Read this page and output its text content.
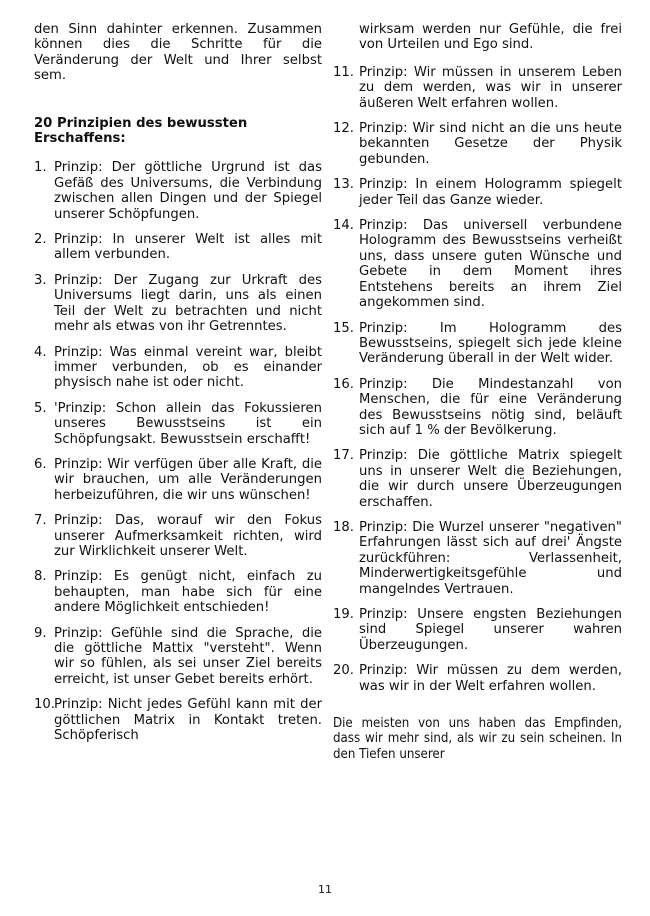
den Sinn dahinter erkennen. Zusammen können dies die Schritte für die Veränderung der Welt und Ihrer selbst sem.

20 Prinzipien des bewussten Erschaffens:

1. Prinzip: Der göttliche Urgrund ist das Gefäß des Universums, die Verbindung zwischen allen Dingen und der Spiegel unserer Schöpfungen.
2. Prinzip: In unserer Welt ist alles mit allem verbunden.
3. Prinzip: Der Zugang zur Urkraft des Universums liegt darin, uns als einen Teil der Welt zu betrachten und nicht mehr als etwas von ihr Getrenntes.
4. Prinzip: Was einmal vereint war, bleibt immer verbunden, ob es einander physisch nahe ist oder nicht.
5. 'Prinzip: Schon allein das Fokussieren unseres Bewusstseins ist ein Schöpfungsakt. Bewusstsein erschafft!
6. Prinzip: Wir verfügen über alle Kraft, die wir brauchen, um alle Veränderungen herbeizuführen, die wir uns wünschen!
7. Prinzip: Das, worauf wir den Fokus unserer Aufmerksamkeit richten, wird zur Wirklichkeit unserer Welt.
8. Prinzip: Es genügt nicht, einfach zu behaupten, man habe sich für eine andere Möglichkeit entschieden!
9. Prinzip: Gefühle sind die Sprache, die die göttliche Mattix "versteht". Wenn wir so fühlen, als sei unser Ziel bereits erreicht, ist unser Gebet bereits erhört.
10. Prinzip: Nicht jedes Gefühl kann mit der göttlichen Matrix in Kontakt treten. Schöpferisch

wirksam werden nur Gefühle, die frei von Urteilen und Ego sind.

11. Prinzip: Wir müssen in unserem Leben zu dem werden, was wir in unserer äußeren Welt erfahren wollen.
12. Prinzip: Wir sind nicht an die uns heute bekannten Gesetze der Physik gebunden.
13. Prinzip: In einem Hologramm spiegelt jeder Teil das Ganze wieder.
14. Prinzip: Das universell verbundene Hologramm des Bewusstseins verheißt uns, dass unsere guten Wünsche und Gebete in dem Moment ihres Entstehens bereits an ihrem Ziel angekommen sind.
15. Prinzip: Im Hologramm des Bewusstseins, spiegelt sich jede kleine Veränderung überall in der Welt wider.
16. Prinzip: Die Mindestanzahl von Menschen, die für eine Veränderung des Bewusstseins nötig sind, beläuft sich auf 1 % der Bevölkerung.
17. Prinzip: Die göttliche Matrix spiegelt uns in unserer Welt die Beziehungen, die wir durch unsere Überzeugungen erschaffen.
18. Prinzip: Die Wurzel unserer "negativen" Erfahrungen lässt sich auf drei' Ängste zurückführen: Verlassenheit, Minderwertigkeitsgefühle und mangelndes Vertrauen.
19. Prinzip: Unsere engsten Beziehungen sind Spiegel unserer wahren Überzeugungen.
20. Prinzip: Wir müssen zu dem werden, was wir in der Welt erfahren wollen.

Die meisten von uns haben das Empfinden, dass wir mehr sind, als wir zu sein scheinen. In den Tiefen unserer

11
